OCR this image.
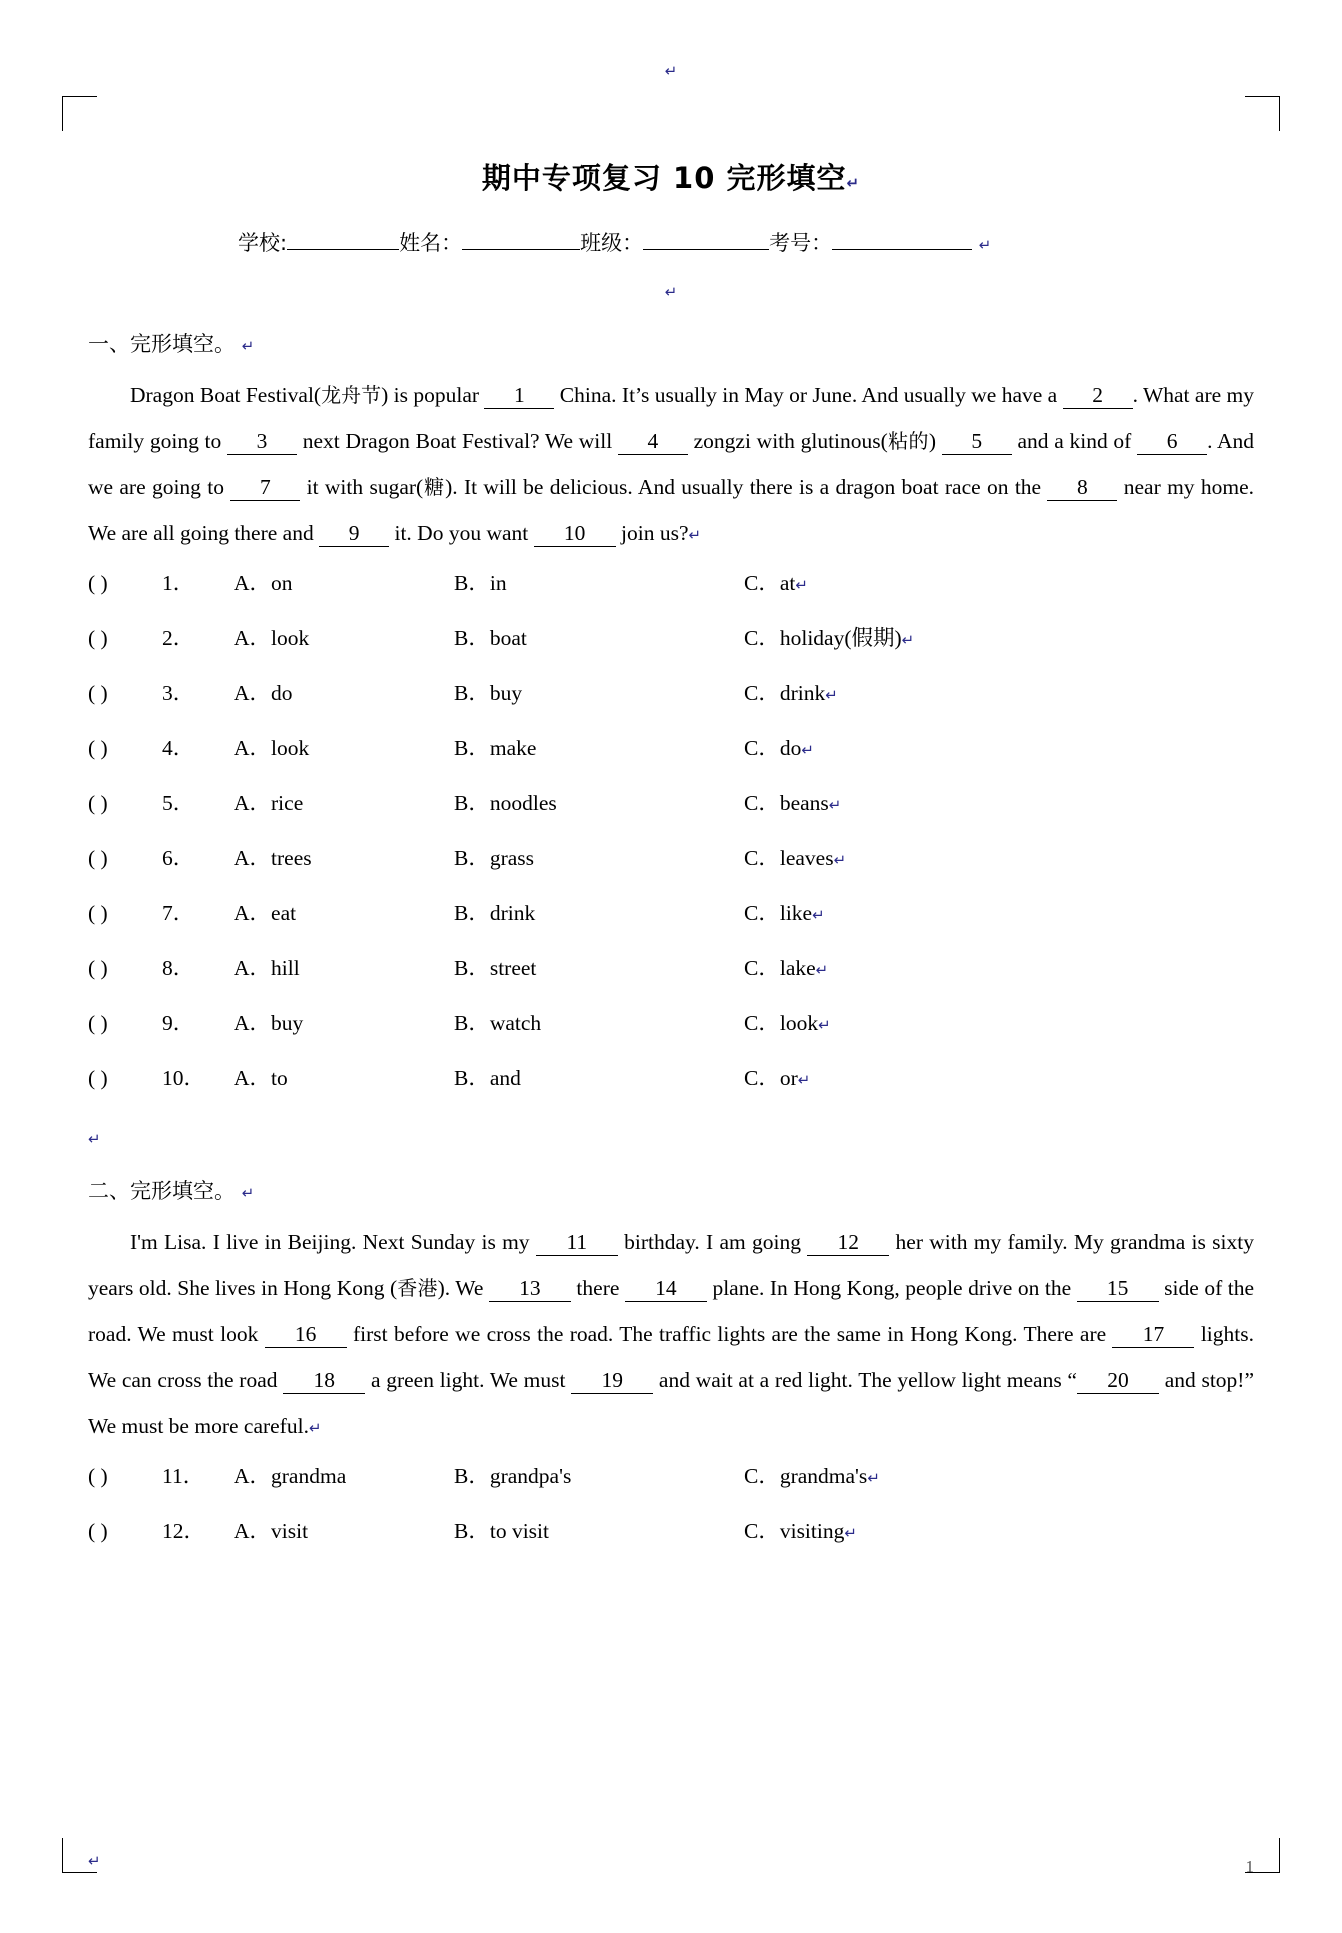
↵
期中专项复习 10 完形填空↵
学校:	姓名：	班级：	考号：	↵
↵
一、完形填空。 ↵
Dragon Boat Festival(龙舟节) is popular 1 China. It’s usually in May or June. And usually we have a 2 . What are my family going to 3 next Dragon Boat Festival? We will 4 zongzi with glutinous(粘的) 5 and a kind of 6 . And we are going to 7 it with sugar(糖). It will be delicious. And usually there is a dragon boat race on the 8 near my home. We are all going there and 9 it. Do you want 10 join us?↵
( )	1．	A．on	B．in	C．at↵
( )	2．	A．look	B．boat	C．holiday(假期)↵
( )	3．	A．do	B．buy	C．drink↵
( )	4．	A．look	B．make	C．do↵
( )	5．	A．rice	B．noodles	C．beans↵
( )	6．	A．trees	B．grass	C．leaves↵
( )	7．	A．eat	B．drink	C．like↵
( )	8．	A．hill	B．street	C．lake↵
( )	9．	A．buy	B．watch	C．look↵
( )	10．	A．to	B．and	C．or↵
↵
二、完形填空。 ↵
I'm Lisa. I live in Beijing. Next Sunday is my 11 birthday. I am going 12 her with my family. My grandma is sixty years old. She lives in Hong Kong (香港). We 13 there 14 plane. In Hong Kong, people drive on the 15 side of the road. We must look 16 first before we cross the road. The traffic lights are the same in Hong Kong. There are 17 lights. We can cross the road 18 a green light. We must 19 and wait at a red light. The yellow light means “ 20 and stop!” We must be more careful.↵
( )	11．	A．grandma	B．grandpa's	C．grandma's↵
( )	12．	A．visit	B．to visit	C．visiting↵
↵	1
